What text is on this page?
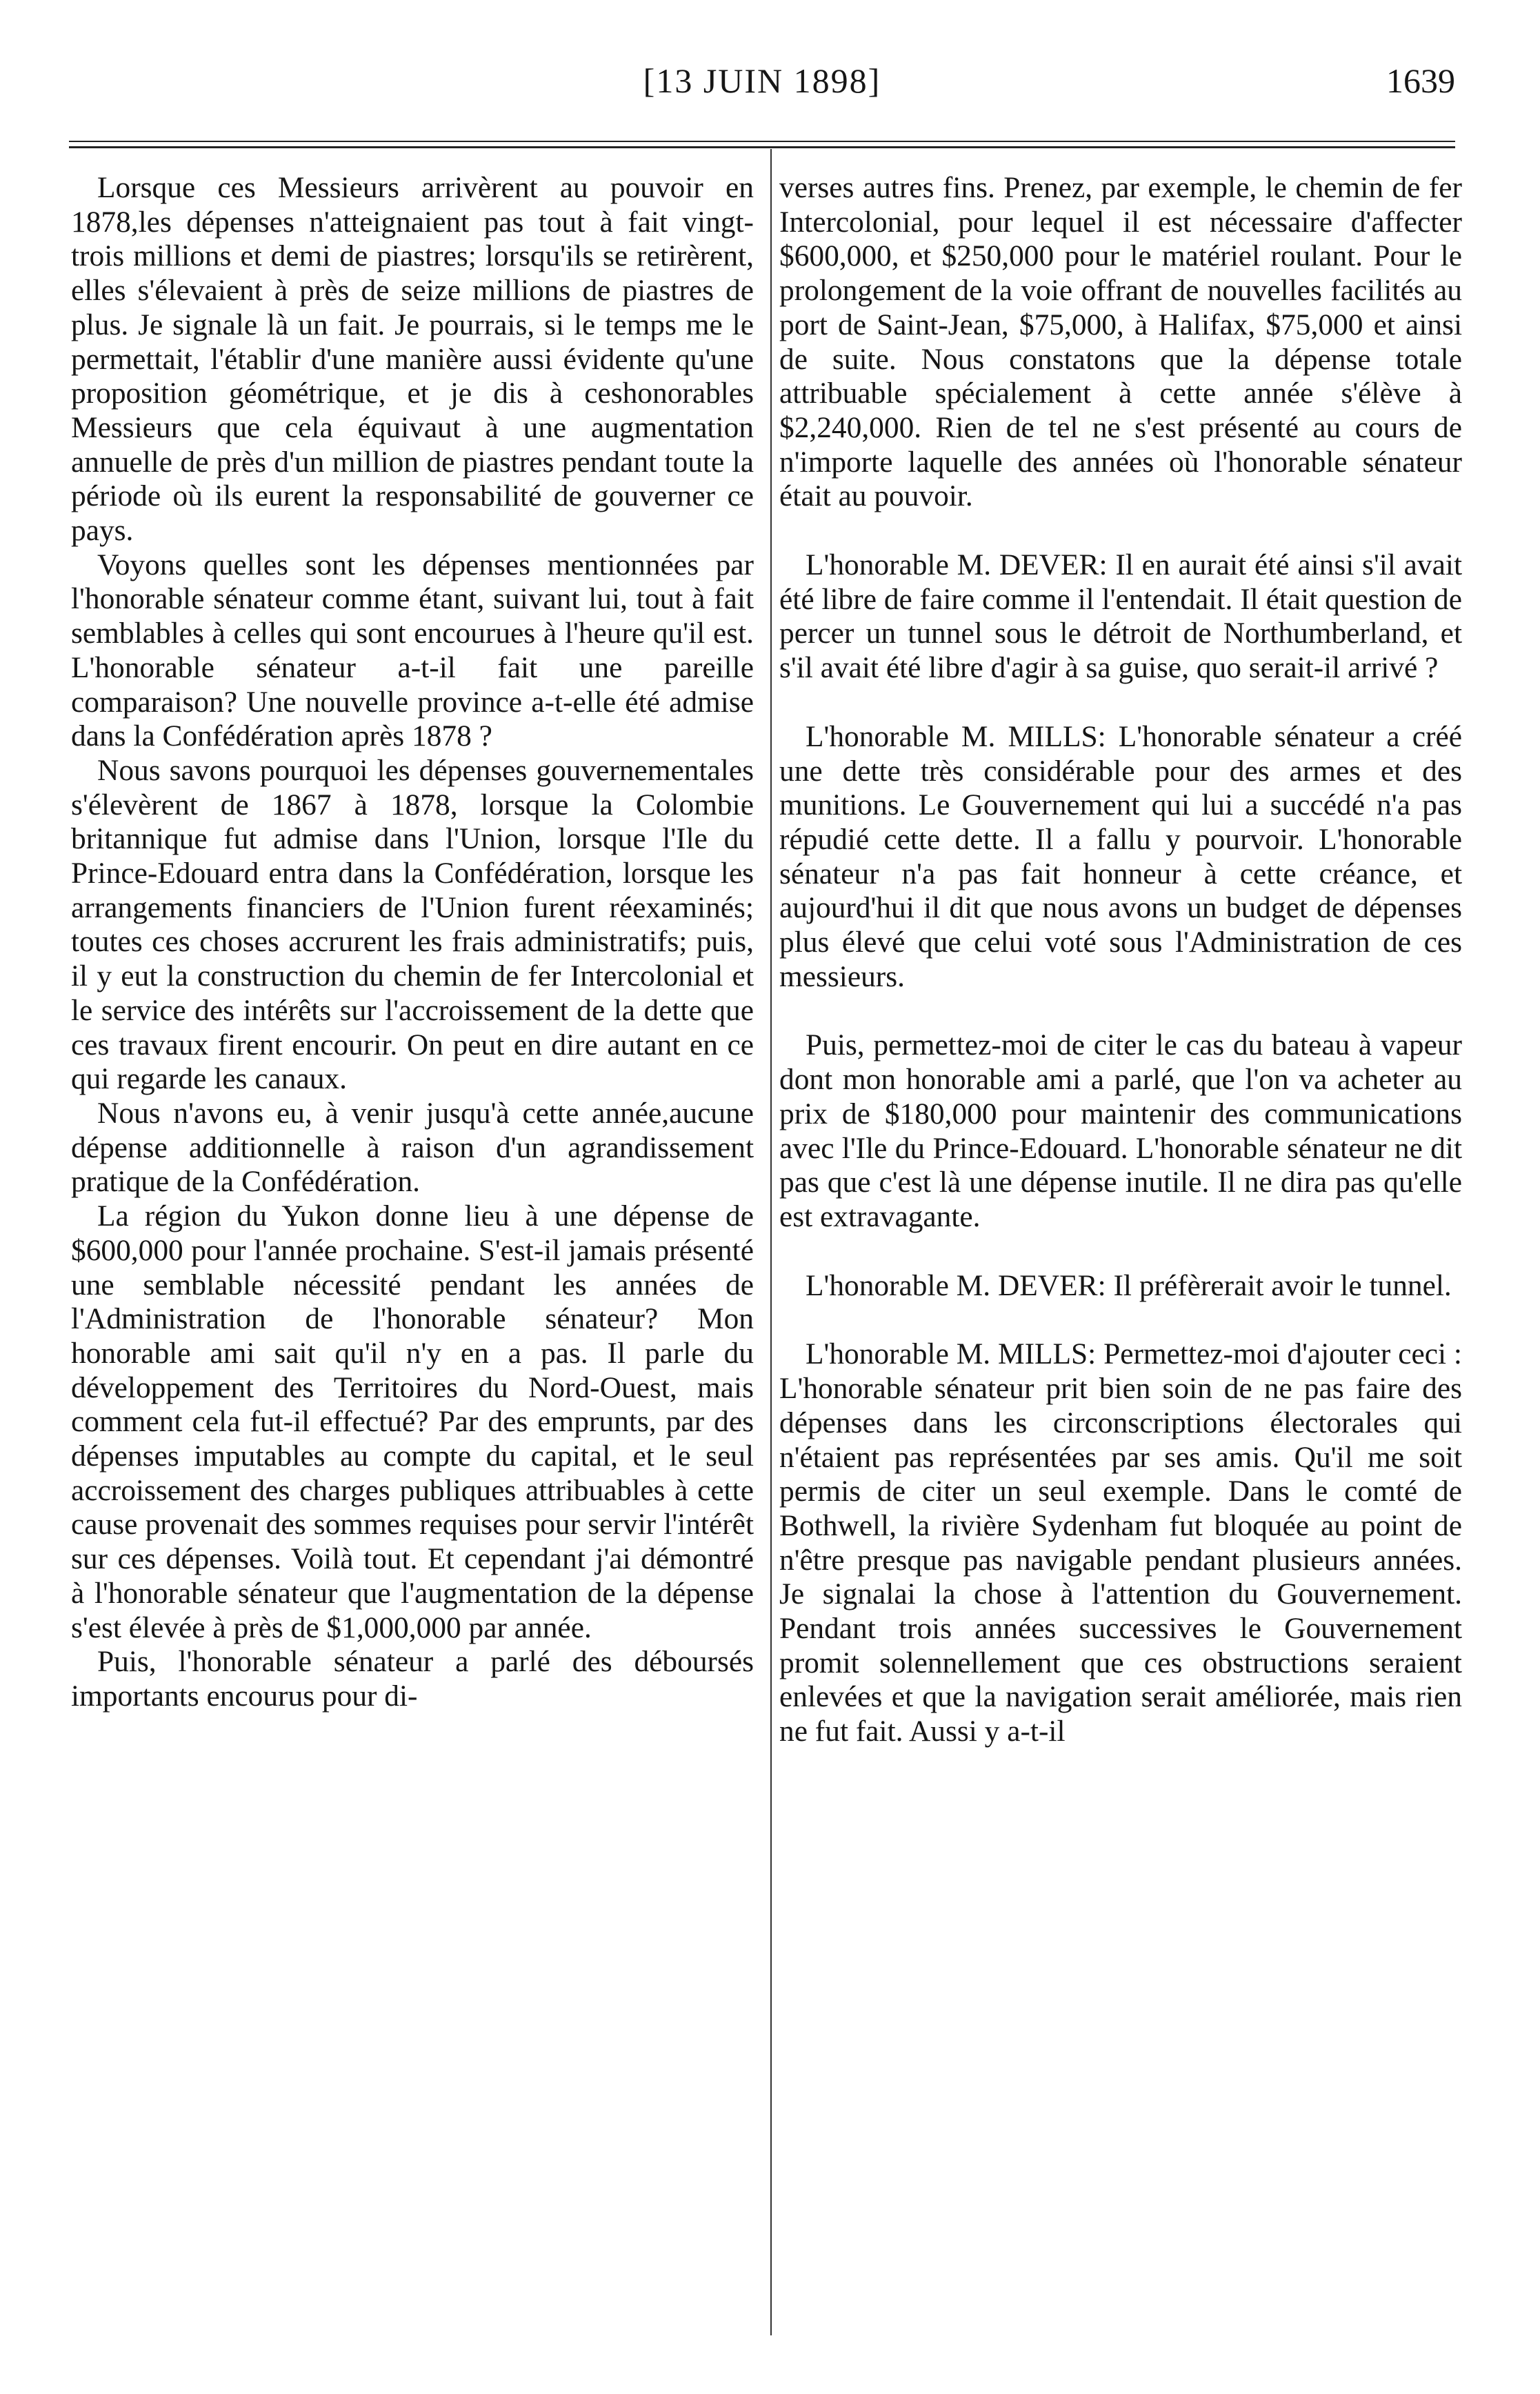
[13 JUIN 1898]	1639

Lorsque ces Messieurs arrivèrent au pouvoir en 1878,les dépenses n'atteignaient pas tout à fait vingt-trois millions et demi de piastres; lorsqu'ils se retirèrent, elles s'élevaient à près de seize millions de piastres de plus. Je signale là un fait. Je pourrais, si le temps me le permettait, l'établir d'une manière aussi évidente qu'une proposition géométrique, et je dis à ceshonorables Messieurs que cela équivaut à une augmentation annuelle de près d'un million de piastres pendant toute la période où ils eurent la responsabilité de gouverner ce pays.

Voyons quelles sont les dépenses mentionnées par l'honorable sénateur comme étant, suivant lui, tout à fait semblables à celles qui sont encourues à l'heure qu'il est. L'honorable sénateur a-t-il fait une pareille comparaison? Une nouvelle province a-t-elle été admise dans la Confédération après 1878 ?

Nous savons pourquoi les dépenses gouvernementales s'élevèrent de 1867 à 1878, lorsque la Colombie britannique fut admise dans l'Union, lorsque l'Ile du Prince-Edouard entra dans la Confédération, lorsque les arrangements financiers de l'Union furent réexaminés; toutes ces choses accrurent les frais administratifs; puis, il y eut la construction du chemin de fer Intercolonial et le service des intérêts sur l'accroissement de la dette que ces travaux firent encourir. On peut en dire autant en ce qui regarde les canaux.

Nous n'avons eu, à venir jusqu'à cette année,aucune dépense additionnelle à raison d'un agrandissement pratique de la Confédération.

La région du Yukon donne lieu à une dépense de $600,000 pour l'année prochaine. S'est-il jamais présenté une semblable nécessité pendant les années de l'Administration de l'honorable sénateur? Mon honorable ami sait qu'il n'y en a pas. Il parle du développement des Territoires du Nord-Ouest, mais comment cela fut-il effectué? Par des emprunts, par des dépenses imputables au compte du capital, et le seul accroissement des charges publiques attribuables à cette cause provenait des sommes requises pour servir l'intérêt sur ces dépenses. Voilà tout. Et cependant j'ai démontré à l'honorable sénateur que l'augmentation de la dépense s'est élevée à près de $1,000,000 par année.

Puis, l'honorable sénateur a parlé des déboursés importants encourus pour di-

verses autres fins. Prenez, par exemple, le chemin de fer Intercolonial, pour lequel il est nécessaire d'affecter $600,000, et $250,000 pour le matériel roulant. Pour le prolongement de la voie offrant de nouvelles facilités au port de Saint-Jean, $75,000, à Halifax, $75,000 et ainsi de suite. Nous constatons que la dépense totale attribuable spécialement à cette année s'élève à $2,240,000. Rien de tel ne s'est présenté au cours de n'importe laquelle des années où l'honorable sénateur était au pouvoir.

L'honorable M. DEVER: Il en aurait été ainsi s'il avait été libre de faire comme il l'entendait. Il était question de percer un tunnel sous le détroit de Northumberland, et s'il avait été libre d'agir à sa guise, quo serait-il arrivé ?

L'honorable M. MILLS: L'honorable sénateur a créé une dette très considérable pour des armes et des munitions. Le Gouvernement qui lui a succédé n'a pas répudié cette dette. Il a fallu y pourvoir. L'honorable sénateur n'a pas fait honneur à cette créance, et aujourd'hui il dit que nous avons un budget de dépenses plus élevé que celui voté sous l'Administration de ces messieurs.

Puis, permettez-moi de citer le cas du bateau à vapeur dont mon honorable ami a parlé, que l'on va acheter au prix de $180,000 pour maintenir des communications avec l'Ile du Prince-Edouard. L'honorable sénateur ne dit pas que c'est là une dépense inutile. Il ne dira pas qu'elle est extravagante.

L'honorable M. DEVER: Il préfèrerait avoir le tunnel.

L'honorable M. MILLS: Permettez-moi d'ajouter ceci : L'honorable sénateur prit bien soin de ne pas faire des dépenses dans les circonscriptions électorales qui n'étaient pas représentées par ses amis. Qu'il me soit permis de citer un seul exemple. Dans le comté de Bothwell, la rivière Sydenham fut bloquée au point de n'être presque pas navigable pendant plusieurs années. Je signalai la chose à l'attention du Gouvernement. Pendant trois années successives le Gouvernement promit solennellement que ces obstructions seraient enlevées et que la navigation serait améliorée, mais rien ne fut fait. Aussi y a-t-il
